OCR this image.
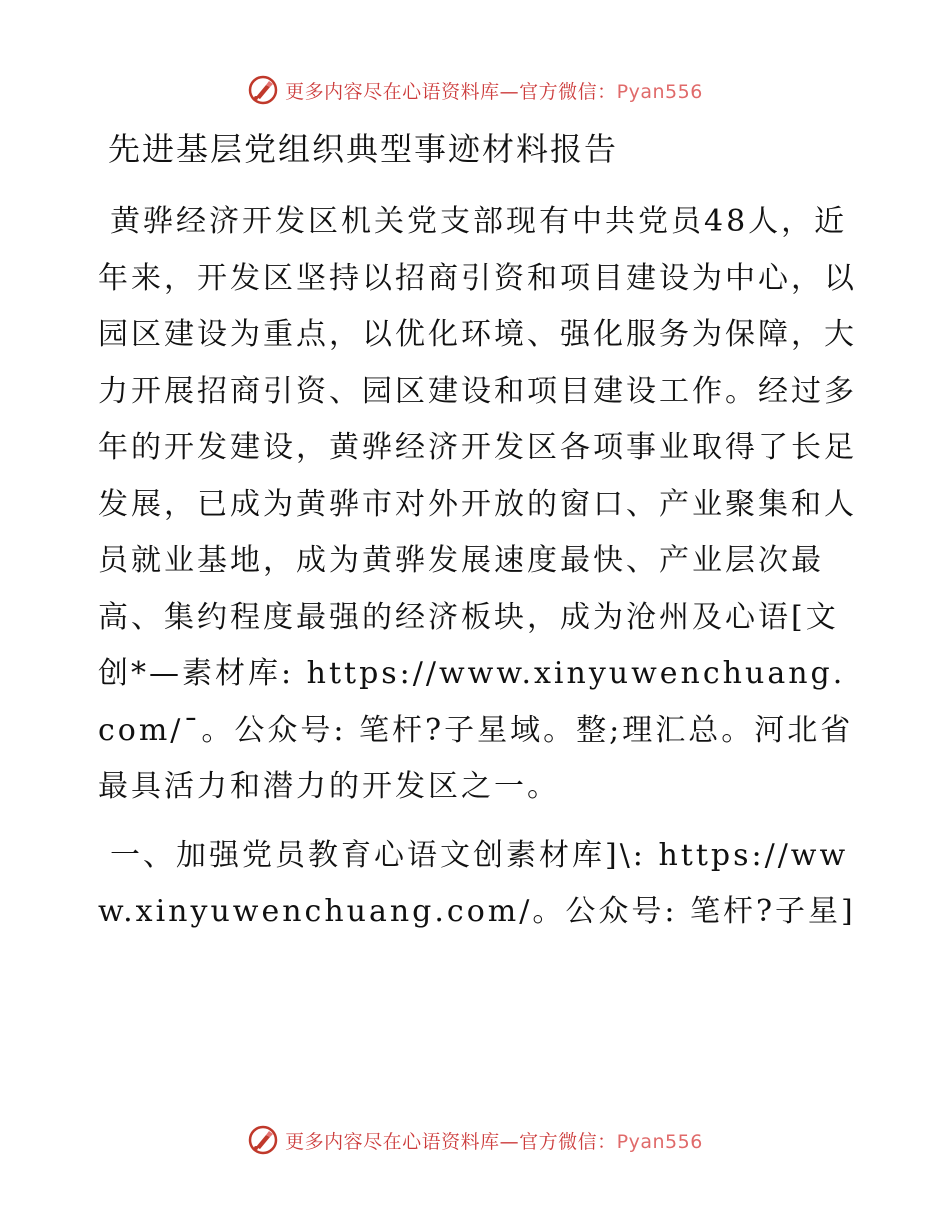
更多内容尽在心语资料库—官方微信：Pyan556
先进基层党组织典型事迹材料报告

黄骅经济开发区机关党支部现有中共党员48人，近年来，开发区坚持以招商引资和项目建设为中心，以园区建设为重点，以优化环境、强化服务为保障，大力开展招商引资、园区建设和项目建设工作。经过多年的开发建设，黄骅经济开发区各项事业取得了长足发展，已成为黄骅市对外开放的窗口、产业聚集和人员就业基地，成为黄骅发展速度最快、产业层次最高、集约程度最强的经济板块，成为沧州及心语[文创*—素材库: https://www.xinyuwenchuang.com/¯。公众号: 笔杆?子星域。整;理汇总。河北省最具活力和潜力的开发区之一。

一、加强党员教育心语文创素材库]\: https://www.xinyuwenchuang.com/。公众号: 笔杆?子星]

更多内容尽在心语资料库—官方微信：Pyan556
